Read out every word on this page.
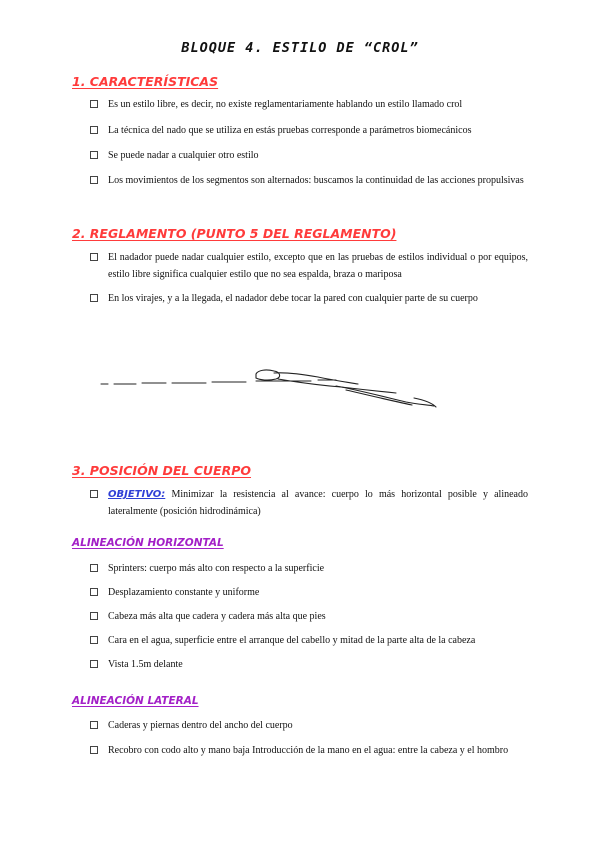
BLOQUE 4. ESTILO DE “CROL”
1. CARACTERÍSTICAS
Es un estilo libre, es decir, no existe reglamentariamente hablando un estilo llamado crol
La técnica del nado que se utiliza en estás pruebas corresponde a parámetros biomecánicos
Se puede nadar a cualquier otro estilo
Los movimientos de los segmentos son alternados: buscamos la continuidad de las acciones propulsivas
2. REGLAMENTO (PUNTO 5 DEL REGLAMENTO)
El nadador puede nadar cualquier estilo, excepto que en las pruebas de estilos individual o por equipos, estilo libre significa cualquier estilo que no sea espalda, braza o mariposa
En los virajes, y a la llegada, el nadador debe tocar la pared con cualquier parte de su cuerpo
3. POSICIÓN DEL CUERPO
OBJETIVO: Minimizar la resistencia al avance: cuerpo lo más horizontal posible y alineado lateralmente (posición hidrodinámica)
ALINEACIÓN HORIZONTAL
Sprinters: cuerpo más alto con respecto a la superficie
Desplazamiento constante y uniforme
Cabeza más alta que cadera y cadera más alta que pies
Cara en el agua, superficie entre el arranque del cabello y mitad de la parte alta de la cabeza
Vista 1.5m delante
ALINEACIÓN LATERAL
Caderas y piernas dentro del ancho del cuerpo
Recobro con codo alto y mano baja Introducción de la mano en el agua: entre la cabeza y el hombro
